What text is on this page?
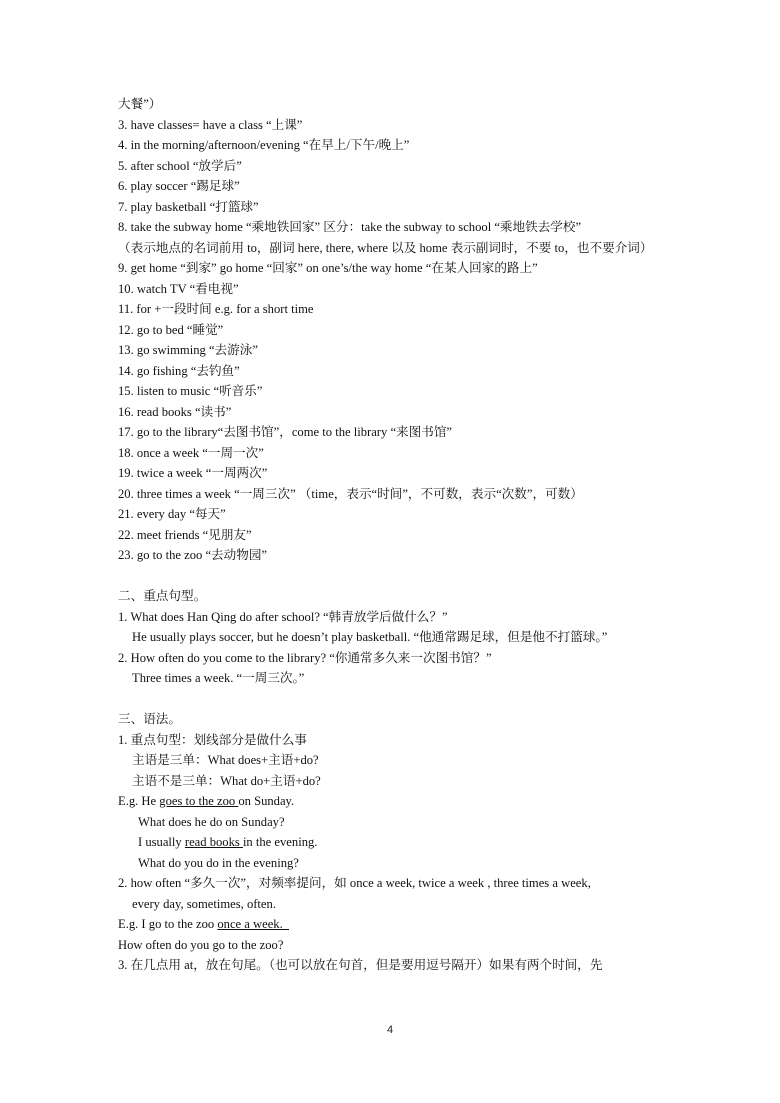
大餐”）
3. have classes= have a class “上课”
4. in the morning/afternoon/evening “在早上/下午/晚上”
5. after school “放学后”
6. play soccer “踢足球”
7. play basketball “打篮球”
8. take the subway home “乘地铁回家” 区分：take the subway to school “乘地铁去学校”
（表示地点的名词前用 to，副词 here, there, where 以及 home 表示副词时，不要 to，也不要介词）
9. get home “到家” go home “回家” on one’s/the way home “在某人回家的路上”
10. watch TV “看电视”
11. for +一段时间 e.g. for a short time
12. go to bed “睡觉”
13. go swimming “去游泳”
14. go fishing “去钓鱼”
15. listen to music “听音乐”
16. read books “读书”
17. go to the library“去图书馆”，come to the library “来图书馆”
18. once a week “一周一次”
19. twice a week “一周两次”
20. three times a week “一周三次” （time，表示“时间”，不可数，表示“次数”，可数）
21. every day “每天”
22. meet friends “见朋友”
23. go to the zoo “去动物园”
二、重点句型。
1. What does Han Qing do after school? “韩青放学后做什么？”
He usually plays soccer, but he doesn’t play basketball. “他通常踢足球，但是他不打篮球。”
2. How often do you come to the library? “你通常多久来一次图书馆？”
Three times a week. “一周三次。”
三、语法。
1. 重点句型：划线部分是做什么事
主语是三单：What does+主语+do?
主语不是三单：What do+主语+do?
E.g. He goes to the zoo on Sunday.
What does he do on Sunday?
I usually read books in the evening.
What do you do in the evening?
2. how often “多久一次”，对频率提问，如 once a week, twice a week , three times a week,
every day, sometimes, often.
E.g. I go to the zoo once a week.
How often do you go to the zoo?
3. 在几点用 at，放在句尾。（也可以放在句首，但是要用逗号隔开）如果有两个时间，先
4
